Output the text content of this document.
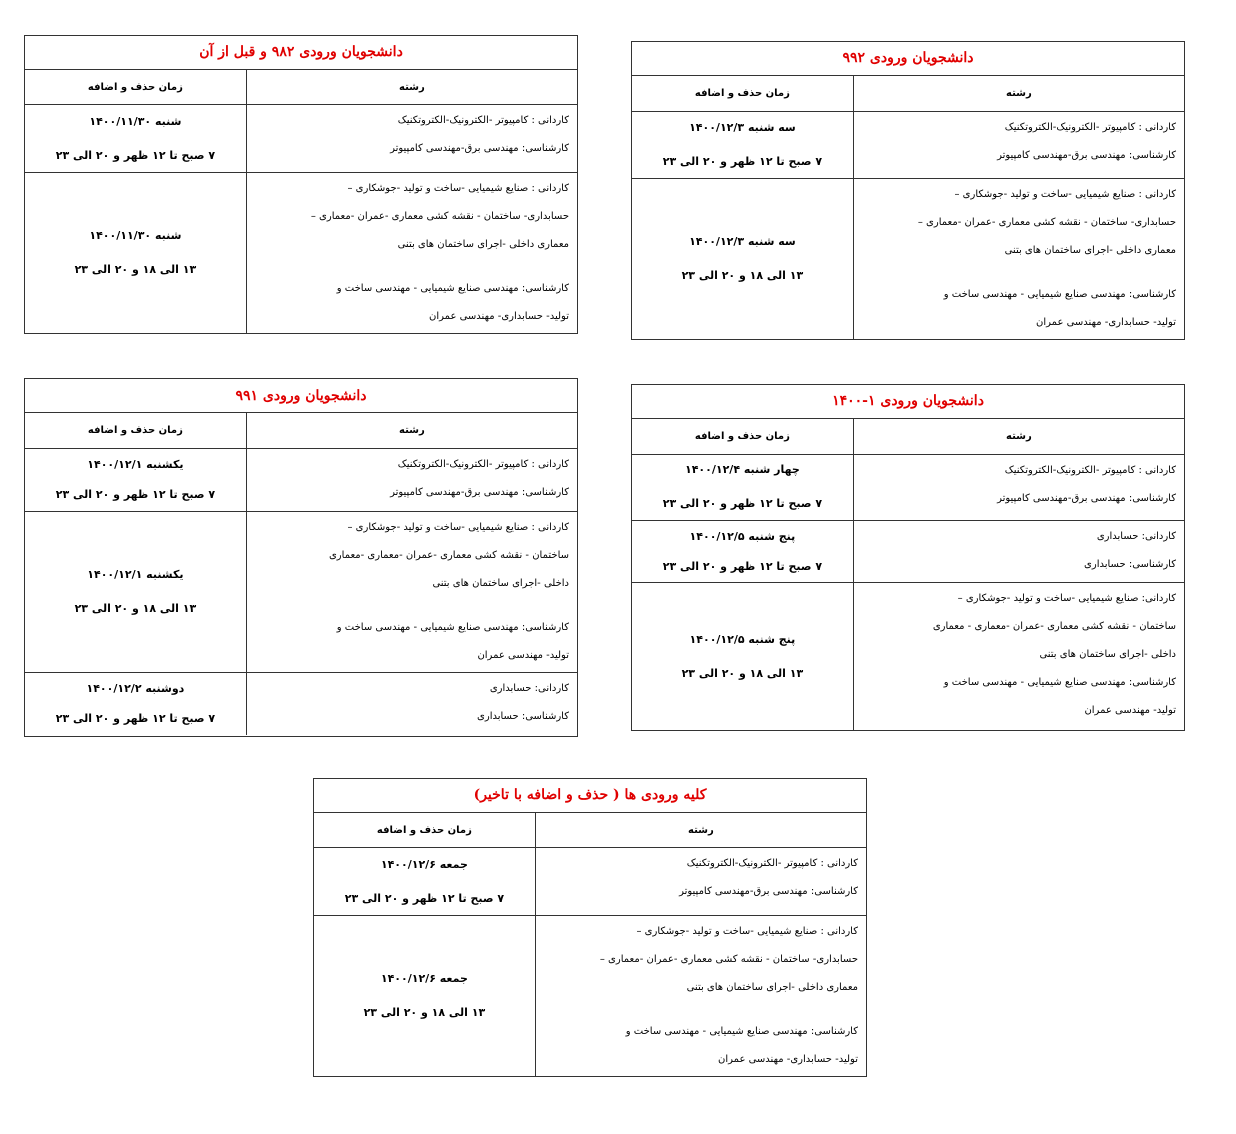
دانشجویان ورودی ۹۸۲ و قبل از آن
رشته
زمان حذف و اضافه
کاردانی : کامپیوتر -الکترونیک-الکتروتکنیک
کارشناسی: مهندسی برق-مهندسی کامپیوتر
شنبه ۱۴۰۰/۱۱/۳۰
۷ صبح تا ۱۲ ظهر و ۲۰ الی ۲۳
کاردانی : صنایع شیمیایی -ساخت و تولید -جوشکاری –
حسابداری- ساختمان - نقشه کشی معماری -عمران -معماری –
معماری داخلی -اجرای ساختمان های بتنی
کارشناسی: مهندسی صنایع شیمیایی - مهندسی ساخت و
تولید- حسابداری- مهندسی عمران
شنبه ۱۴۰۰/۱۱/۳۰
۱۳ الی ۱۸ و ۲۰ الی ۲۳
دانشجویان ورودی ۹۹۲
رشته
زمان حذف و اضافه
کاردانی : کامپیوتر -الکترونیک-الکتروتکنیک
کارشناسی: مهندسی برق-مهندسی کامپیوتر
سه شنبه ۱۴۰۰/۱۲/۳
۷ صبح تا ۱۲ ظهر و ۲۰ الی ۲۳
کاردانی : صنایع شیمیایی -ساخت و تولید -جوشکاری –
حسابداری- ساختمان - نقشه کشی معماری -عمران -معماری –
معماری داخلی -اجرای ساختمان های بتنی
کارشناسی: مهندسی صنایع شیمیایی - مهندسی ساخت و
تولید- حسابداری- مهندسی عمران
سه شنبه ۱۴۰۰/۱۲/۳
۱۳ الی ۱۸ و ۲۰ الی ۲۳
دانشجویان ورودی ۹۹۱
رشته
زمان حذف و اضافه
کاردانی : کامپیوتر -الکترونیک-الکتروتکنیک
کارشناسی: مهندسی برق-مهندسی کامپیوتر
یکشنبه ۱۴۰۰/۱۲/۱
۷ صبح تا ۱۲ ظهر و ۲۰ الی ۲۳
کاردانی : صنایع شیمیایی -ساخت و تولید -جوشکاری –
ساختمان - نقشه کشی معماری -عمران -معماری -معماری
داخلی -اجرای ساختمان های بتنی
کارشناسی: مهندسی صنایع شیمیایی - مهندسی ساخت و
تولید- مهندسی عمران
یکشنبه ۱۴۰۰/۱۲/۱
۱۳ الی ۱۸ و ۲۰ الی ۲۳
کاردانی: حسابداری
کارشناسی: حسابداری
دوشنبه ۱۴۰۰/۱۲/۲
۷ صبح تا ۱۲ ظهر و ۲۰ الی ۲۳
دانشجویان ورودی ۱-۱۴۰۰
رشته
زمان حذف و اضافه
کاردانی : کامپیوتر -الکترونیک-الکتروتکنیک
کارشناسی: مهندسی برق-مهندسی کامپیوتر
چهار شنبه ۱۴۰۰/۱۲/۴
۷ صبح تا ۱۲ ظهر و ۲۰ الی ۲۳
کاردانی: حسابداری
کارشناسی: حسابداری
پنج شنبه ۱۴۰۰/۱۲/۵
۷ صبح تا ۱۲ ظهر و ۲۰ الی ۲۳
کاردانی: صنایع شیمیایی -ساخت و تولید -جوشکاری –
ساختمان - نقشه کشی معماری -عمران -معماری - معماری
داخلی -اجرای ساختمان های بتنی
کارشناسی: مهندسی صنایع شیمیایی - مهندسی ساخت و
تولید- مهندسی عمران
پنج شنبه ۱۴۰۰/۱۲/۵
۱۳ الی ۱۸ و ۲۰ الی ۲۳
کلیه ورودی ها ( حذف و اضافه با تاخیر)
رشته
زمان حذف و اضافه
کاردانی : کامپیوتر -الکترونیک-الکتروتکنیک
کارشناسی: مهندسی برق-مهندسی کامپیوتر
جمعه ۱۴۰۰/۱۲/۶
۷ صبح تا ۱۲ ظهر و ۲۰ الی ۲۳
کاردانی : صنایع شیمیایی -ساخت و تولید -جوشکاری –
حسابداری- ساختمان - نقشه کشی معماری -عمران -معماری –
معماری داخلی -اجرای ساختمان های بتنی
کارشناسی: مهندسی صنایع شیمیایی - مهندسی ساخت و
تولید- حسابداری- مهندسی عمران
جمعه ۱۴۰۰/۱۲/۶
۱۳ الی ۱۸ و ۲۰ الی ۲۳
